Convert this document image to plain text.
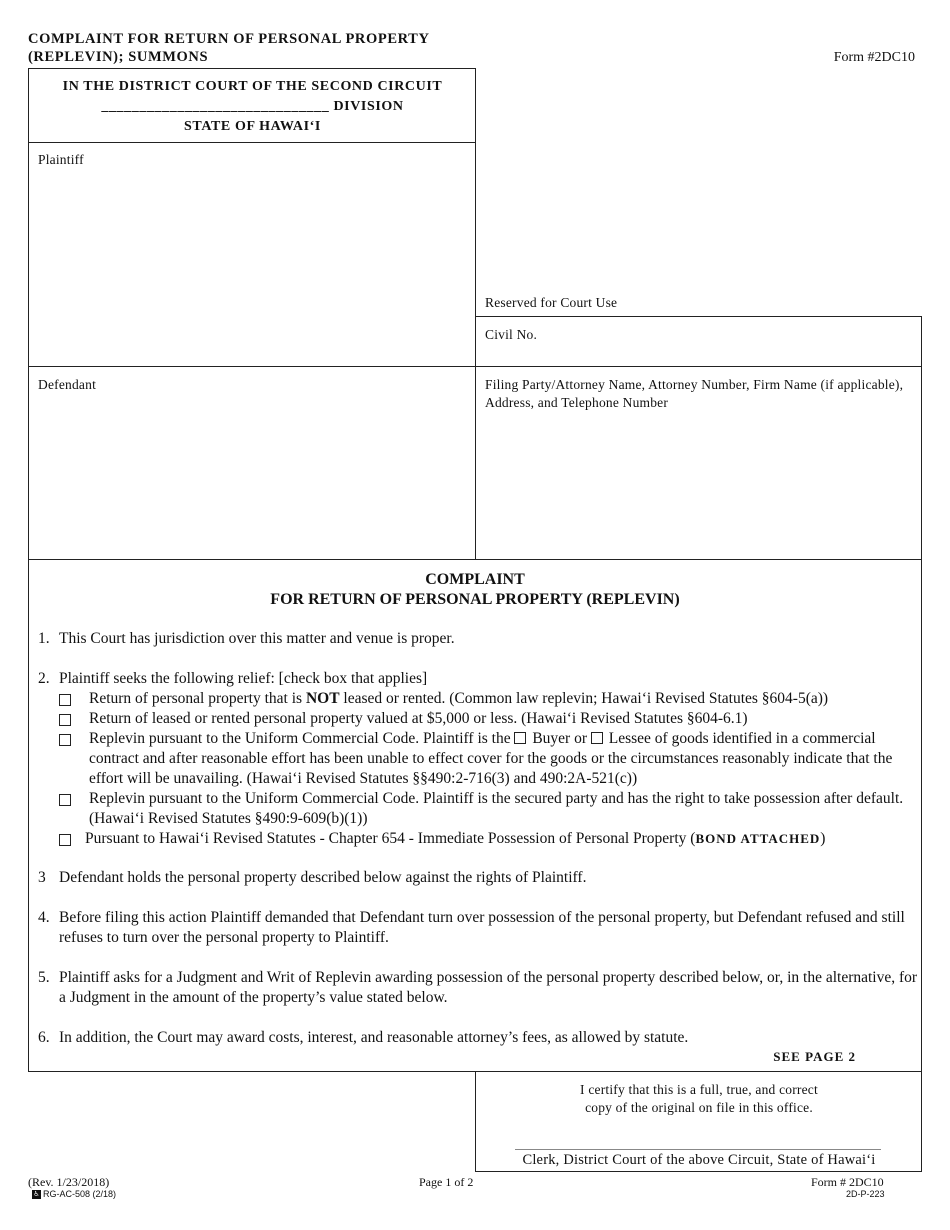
COMPLAINT FOR RETURN OF PERSONAL PROPERTY
(REPLEVIN); SUMMONS	Form #2DC10
IN THE DISTRICT COURT OF THE SECOND CIRCUIT
______________________________ DIVISION
STATE OF HAWAI‘I
Plaintiff
Reserved for Court Use
Civil No.
Defendant	Filing Party/Attorney Name, Attorney Number, Firm Name (if applicable), Address, and Telephone Number
COMPLAINT
FOR RETURN OF PERSONAL PROPERTY (REPLEVIN)
1. This Court has jurisdiction over this matter and venue is proper.
2. Plaintiff seeks the following relief: [check box that applies]
Return of personal property that is NOT leased or rented. (Common law replevin; Hawai‘i Revised Statutes §604-5(a))
Return of leased or rented personal property valued at $5,000 or less. (Hawai‘i Revised Statutes §604-6.1)
Replevin pursuant to the Uniform Commercial Code. Plaintiff is the  Buyer or Lessee of goods identified in a commercial contract and after reasonable effort has been unable to effect cover for the goods or the circumstances reasonably indicate that the effort will be unavailing. (Hawai‘i Revised Statutes §§490:2-716(3) and 490:2A-521(c))
Replevin pursuant to the Uniform Commercial Code. Plaintiff is the secured party and has the right to take possession after default. (Hawai‘i Revised Statutes §490:9-609(b)(1))
Pursuant to Hawai‘i Revised Statutes - Chapter 654 - Immediate Possession of Personal Property (BOND ATTACHED)
3 Defendant holds the personal property described below against the rights of Plaintiff.
4. Before filing this action Plaintiff demanded that Defendant turn over possession of the personal property, but Defendant refused and still refuses to turn over the personal property to Plaintiff.
5. Plaintiff asks for a Judgment and Writ of Replevin awarding possession of the personal property described below, or, in the alternative, for a Judgment in the amount of the property’s value stated below.
6. In addition, the Court may award costs, interest, and reasonable attorney’s fees, as allowed by statute.
SEE PAGE 2
I certify that this is a full, true, and correct
copy of the original on file in this office.
Clerk, District Court of the above Circuit, State of Hawai‘i
(Rev. 1/23/2018)
♿ RG-AC-508 (2/18)
Page 1 of 2	Form # 2DC10
2D-P-223
